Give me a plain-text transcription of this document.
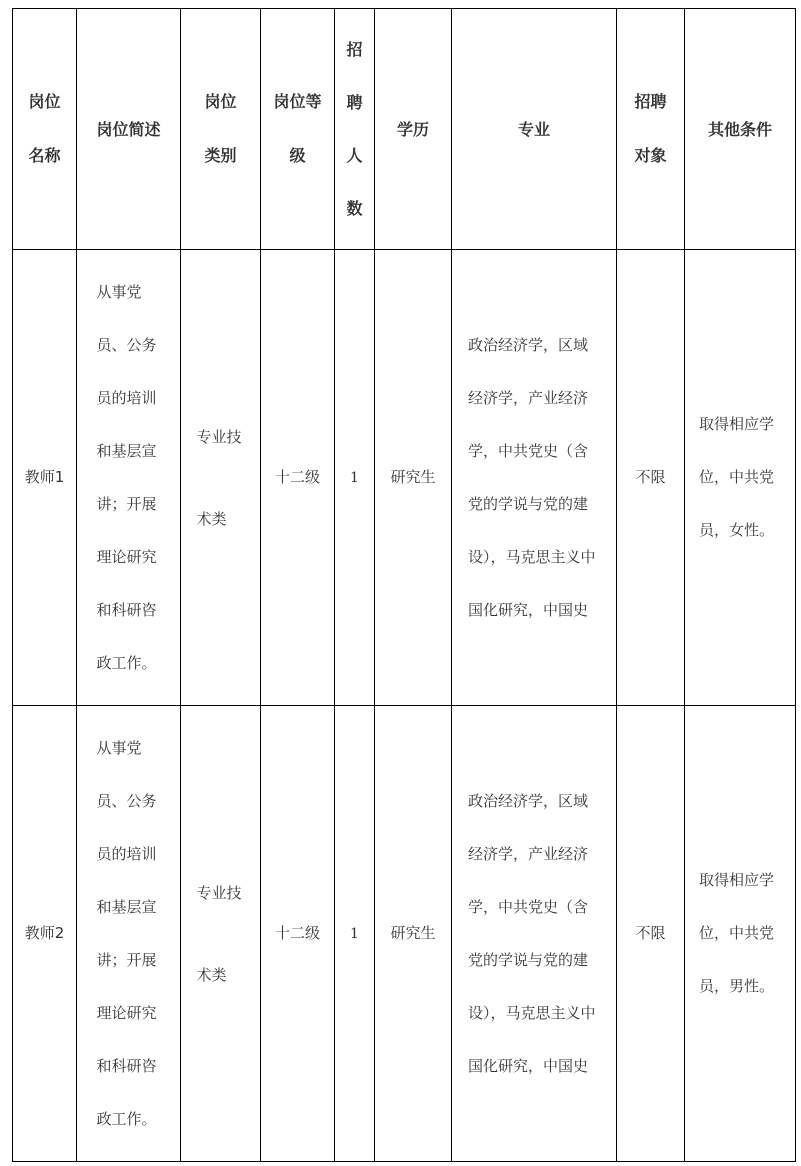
岗位名称	岗位简述	岗位类别	岗位等级	招聘人数	学历	专业	招聘对象	其他条件

教师1	从事党员、公务员的培训和基层宣讲；开展理论研究和科研咨政工作。	专业技术类	十二级	1	研究生	政治经济学，区域经济学，产业经济学，中共党史（含党的学说与党的建设），马克思主义中国化研究，中国史	不限	取得相应学位，中共党员，女性。

教师2	从事党员、公务员的培训和基层宣讲；开展理论研究和科研咨政工作。	专业技术类	十二级	1	研究生	政治经济学，区域经济学，产业经济学，中共党史（含党的学说与党的建设），马克思主义中国化研究，中国史	不限	取得相应学位，中共党员，男性。
